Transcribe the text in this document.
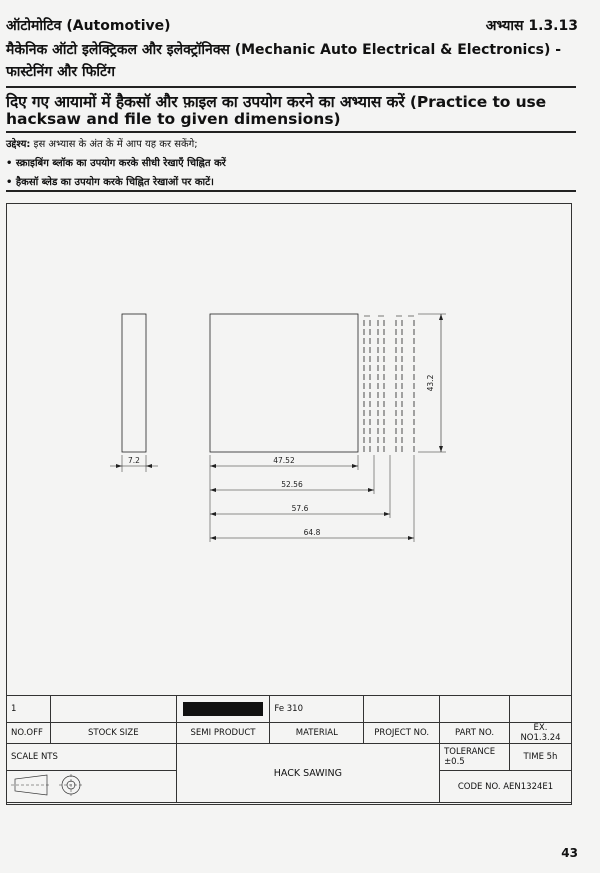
ऑटोमोटिव (Automotive)	अभ्यास 1.3.13
मैकेनिक ऑटो इलेक्ट्रिकल और इलेक्ट्रॉनिक्स (Mechanic Auto Electrical & Electronics) -
फास्टेनिंग और फिटिंग
दिए गए आयामों में हैकसॉ और फ़ाइल का उपयोग करने का अभ्यास करें (Practice to use
hacksaw and file to given dimensions)
उद्देश्य: इस अभ्यास के अंत के में आप यह कर सकेंगे;
• स्क्राइबिंग ब्लॉक का उपयोग करके सीधी रेखाएँ चिह्नित करें
• हैकसॉ ब्लेड का उपयोग करके चिह्नित रेखाओं पर काटें।
7.2	47.52
52.56
57.6
64.8
43.2
1			Fe 310			
NO.OFF	STOCK SIZE	SEMI PRODUCT	MATERIAL	PROJECT NO.	PART NO.	EX. NO1.3.24
SCALE NTS		HACK SAWING			TOLERANCE ±0.5	TIME 5h
	CODE NO. AEN1324E1	
43
